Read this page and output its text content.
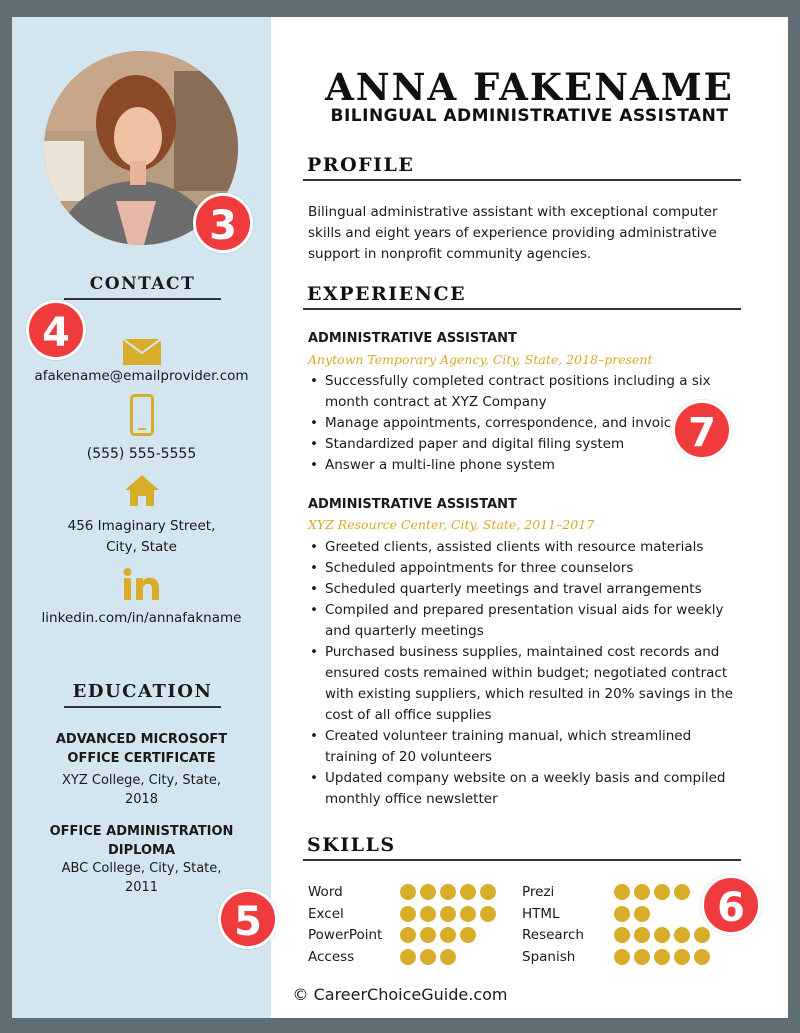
3
CONTACT
4
afakename@emailprovider.com
(555) 555-5555
456 Imaginary Street,
City, State
linkedin.com/in/annafakname
EDUCATION
ADVANCED MICROSOFT
OFFICE CERTIFICATE
XYZ College, City, State,
2018
OFFICE ADMINISTRATION
DIPLOMA
ABC College, City, State,
2011
5
ANNA FAKENAME
BILINGUAL ADMINISTRATIVE ASSISTANT
PROFILE
Bilingual administrative assistant with exceptional computer skills and eight years of experience providing administrative support in nonprofit community agencies.
EXPERIENCE
ADMINISTRATIVE ASSISTANT
Anytown Temporary Agency, City, State, 2018–present
• Successfully completed contract positions including a six month contract at XYZ Company
• Manage appointments, correspondence, and invoic
• Standardized paper and digital filing system
• Answer a multi-line phone system
7
ADMINISTRATIVE ASSISTANT
XYZ Resource Center, City, State, 2011–2017
• Greeted clients, assisted clients with resource materials
• Scheduled appointments for three counselors
• Scheduled quarterly meetings and travel arrangements
• Compiled and prepared presentation visual aids for weekly and quarterly meetings
• Purchased business supplies, maintained cost records and ensured costs remained within budget; negotiated contract with existing suppliers, which resulted in 20% savings in the cost of all office supplies
• Created volunteer training manual, which streamlined training of 20 volunteers
• Updated company website on a weekly basis and compiled monthly office newsletter
SKILLS
Word
Excel
PowerPoint
Access
Prezi
HTML
Research
Spanish
6
© CareerChoiceGuide.com
